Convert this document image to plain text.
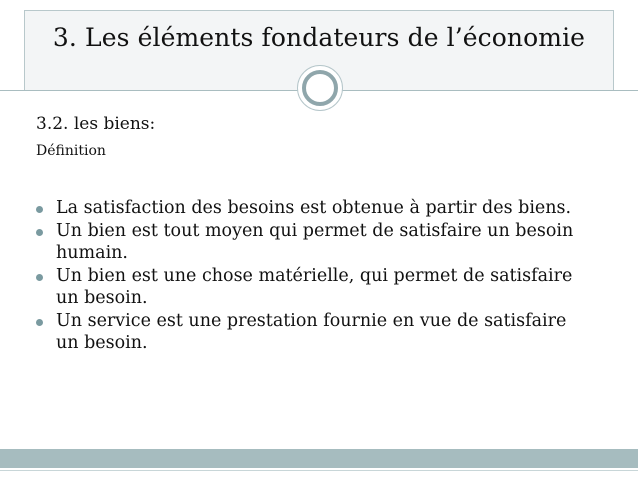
3. Les éléments fondateurs de l’économie
3.2. les biens:
Définition
La satisfaction des besoins est obtenue à partir des biens.
Un bien est tout moyen qui permet de satisfaire un besoin
humain.
Un bien est une chose matérielle, qui permet de satisfaire
un besoin.
Un service est une prestation fournie en vue de satisfaire
un besoin.
